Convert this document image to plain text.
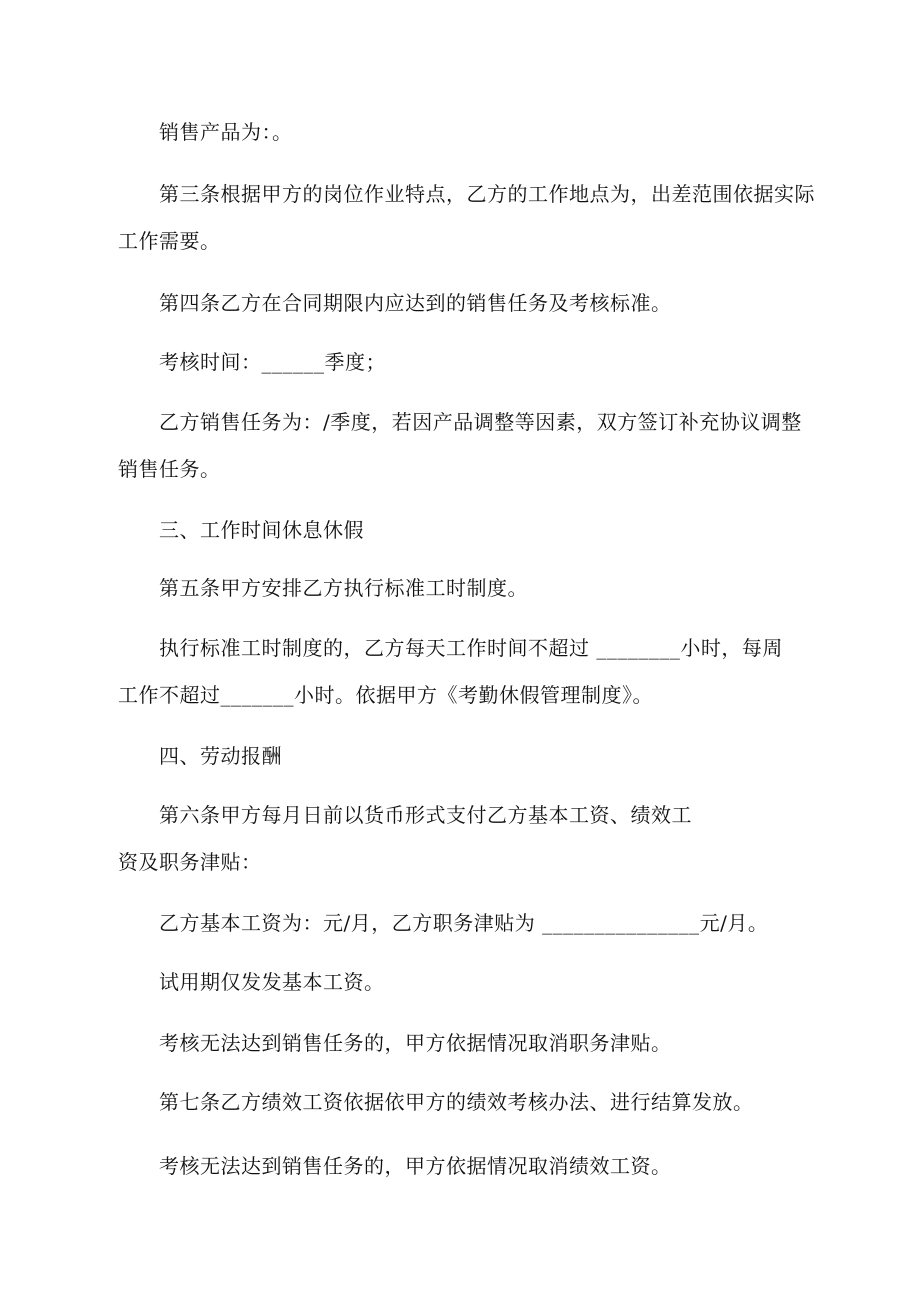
销售产品为：。
第三条根据甲方的岗位作业特点，乙方的工作地点为，出差范围依据实际
工作需要。
第四条乙方在合同期限内应达到的销售任务及考核标准。
考核时间：______季度；
乙方销售任务为：/季度，若因产品调整等因素，双方签订补充协议调整
销售任务。
三、工作时间休息休假
第五条甲方安排乙方执行标准工时制度。
执行标准工时制度的，乙方每天工作时间不超过 ________小时，每周
工作不超过_______小时。依据甲方《考勤休假管理制度》。
四、劳动报酬
第六条甲方每月日前以货币形式支付乙方基本工资、绩效工
资及职务津贴：
乙方基本工资为：元/月，乙方职务津贴为 _______________元/月。
试用期仅发发基本工资。
考核无法达到销售任务的，甲方依据情况取消职务津贴。
第七条乙方绩效工资依据依甲方的绩效考核办法、进行结算发放。
考核无法达到销售任务的，甲方依据情况取消绩效工资。
